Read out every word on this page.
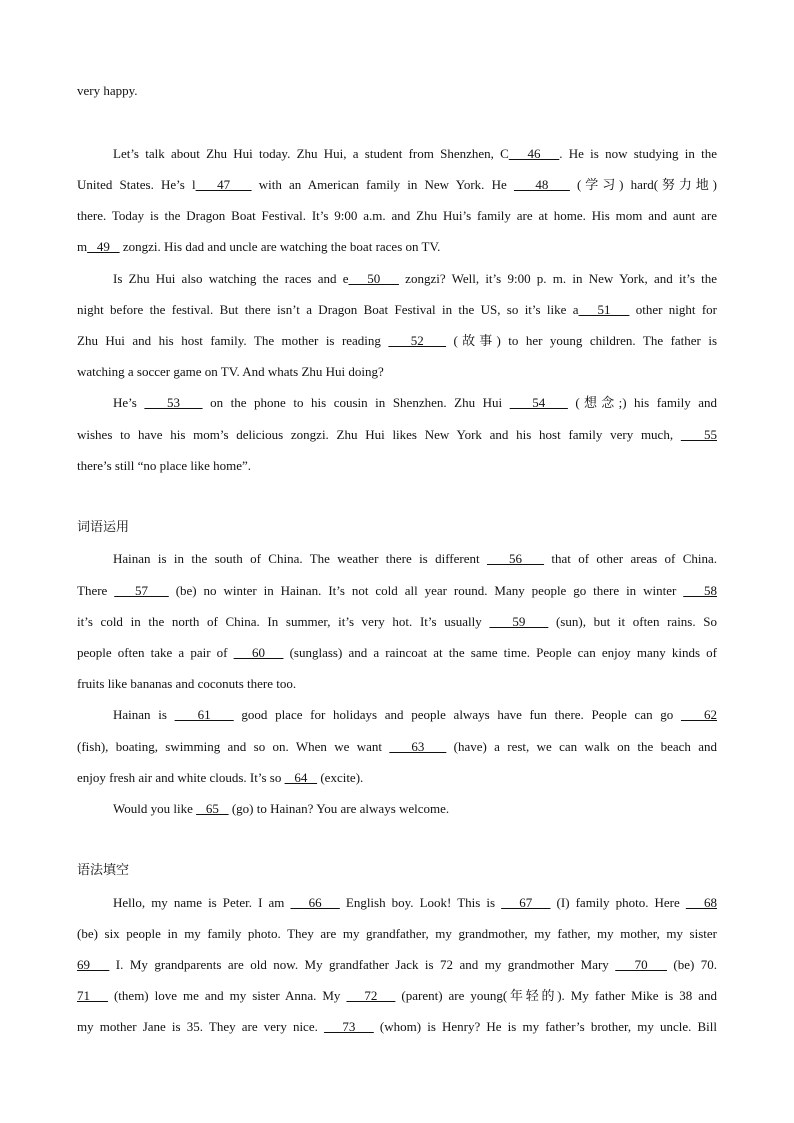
very happy.
Let’s talk about Zhu Hui today. Zhu Hui, a student from Shenzhen, C   46   . He is now studying in the
United States. He’s l   47    with an American family in New York. He    48    (学习) hard(努力地)
there. Today is the Dragon Boat Festival. It’s 9:00 a.m. and Zhu Hui’s family are at home. His mom and aunt are
m   49    zongzi. His dad and uncle are watching the boat races on TV.
Is Zhu Hui also watching the races and e   50    zongzi? Well, it’s 9:00 p. m. in New York, and it’s the
night before the festival. But there isn’t a Dragon Boat Festival in the US, so it’s like a   51    other night for
Zhu Hui and his host family. The mother is reading    52    (故事) to her young children. The father is
watching a soccer game on TV. And whats Zhu Hui doing?
He’s    53    on the phone to his cousin in Shenzhen. Zhu Hui    54    (想念;) his family and
wishes to have his mom’s delicious zongzi. Zhu Hui likes New York and his host family very much,    55
there’s still “no place like home”.
词语运用
Hainan is in the south of China. The weather there is different    56    that of other areas of China.
There    57    (be) no winter in Hainan. It’s not cold all year round. Many people go there in winter    58
it’s cold in the north of China. In summer, it’s very hot. It’s usually    59    (sun), but it often rains. So
people often take a pair of    60    (sunglass) and a raincoat at the same time. People can enjoy many kinds of
fruits like bananas and coconuts there too.
Hainan is    61    good place for holidays and people always have fun there. People can go    62
(fish), boating, swimming and so on. When we want    63    (have) a rest, we can walk on the beach and
enjoy fresh air and white clouds. It’s so    64    (excite).
Would you like    65    (go) to Hainan? You are always welcome.
语法填空
Hello, my name is Peter. I am    66    English boy. Look! This is    67    (I) family photo. Here    68
(be) six people in my family photo. They are my grandfather, my grandmother, my father, my mother, my sister
69    I. My grandparents are old now. My grandfather Jack is 72 and my grandmother Mary    70    (be) 70.
71    (them) love me and my sister Anna. My    72    (parent) are young(年轻的). My father Mike is 38 and
my mother Jane is 35. They are very nice.    73    (whom) is Henry? He is my father’s brother, my uncle. Bill
